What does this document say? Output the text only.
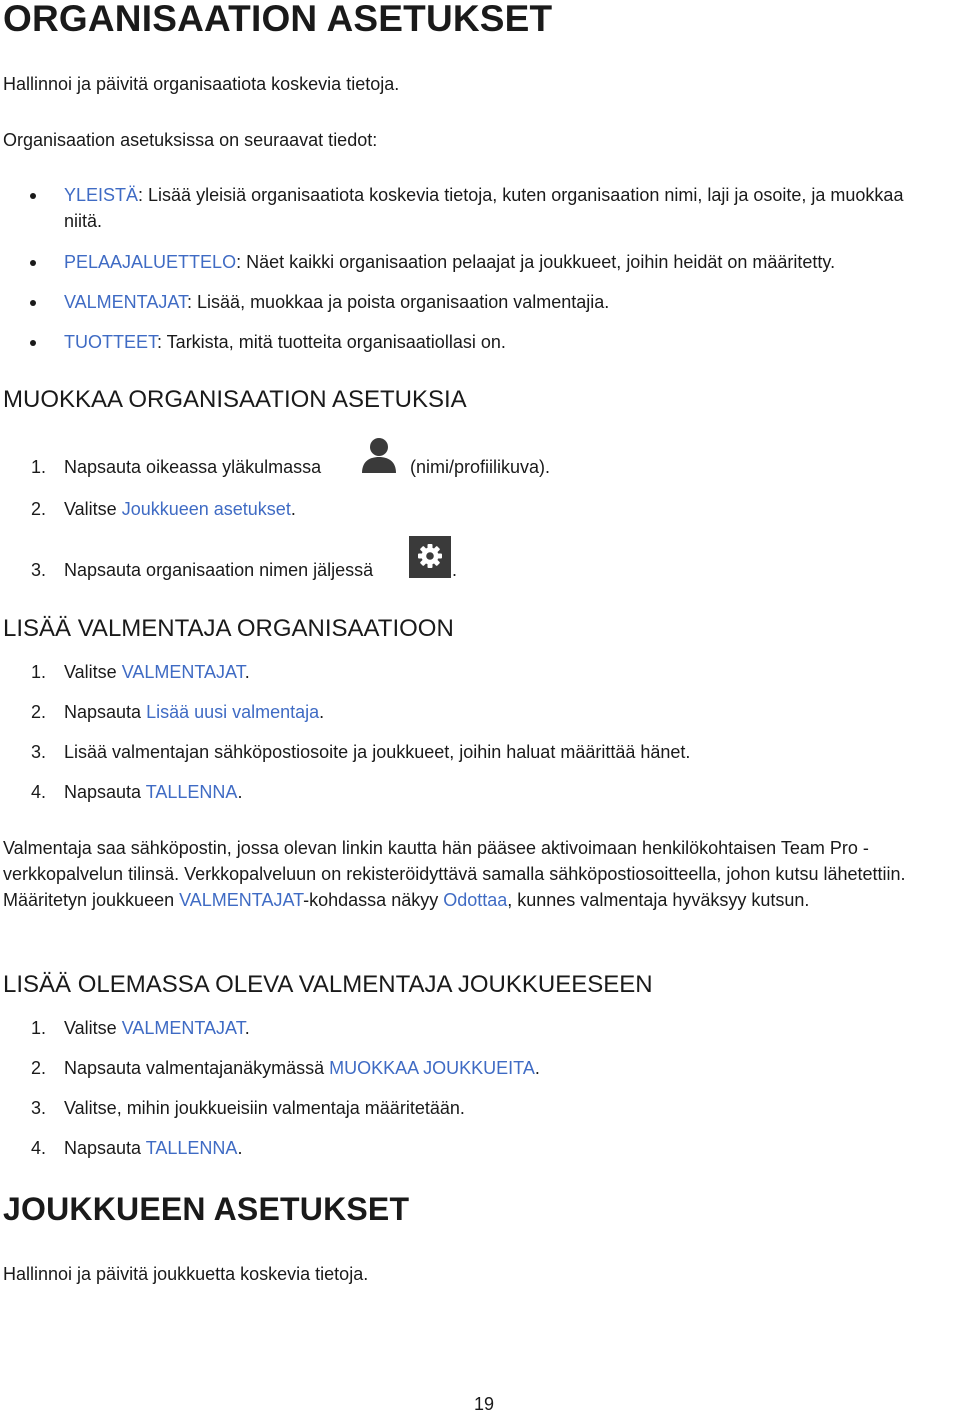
ORGANISAATION ASETUKSET

Hallinnoi ja päivitä organisaatiota koskevia tietoja.

Organisaation asetuksissa on seuraavat tiedot:

YLEISTÄ: Lisää yleisiä organisaatiota koskevia tietoja, kuten organisaation nimi, laji ja osoite, ja muokkaa niitä.
PELAAJALUETTELO: Näet kaikki organisaation pelaajat ja joukkueet, joihin heidät on määritetty.
VALMENTAJAT: Lisää, muokkaa ja poista organisaation valmentajia.
TUOTTEET: Tarkista, mitä tuotteita organisaatiollasi on.
MUOKKAA ORGANISAATION ASETUKSIA
1. Napsauta oikeassa yläkulmassa	(nimi/profiilikuva).
2. Valitse Joukkueen asetukset.
3. Napsauta organisaation nimen jäljessä	.
LISÄÄ VALMENTAJA ORGANISAATIOON
1. Valitse VALMENTAJAT.
2. Napsauta Lisää uusi valmentaja.
3. Lisää valmentajan sähköpostiosoite ja joukkueet, joihin haluat määrittää hänet.
4. Napsauta TALLENNA.

Valmentaja saa sähköpostin, jossa olevan linkin kautta hän pääsee aktivoimaan henkilökohtaisen Team Pro -verkkopalvelun tilinsä. Verkkopalveluun on rekisteröidyttävä samalla sähköpostiosoitteella, johon kutsu lähetettiin. Määritetyn joukkueen VALMENTAJAT-kohdassa näkyy Odottaa, kunnes valmentaja hyväksyy kutsun.

LISÄÄ OLEMASSA OLEVA VALMENTAJA JOUKKUEESEEN
1. Valitse VALMENTAJAT.
2. Napsauta valmentajanäkymässä MUOKKAA JOUKKUEITA.
3. Valitse, mihin joukkueisiin valmentaja määritetään.
4. Napsauta TALLENNA.
JOUKKUEEN ASETUKSET

Hallinnoi ja päivitä joukkuetta koskevia tietoja.

19
